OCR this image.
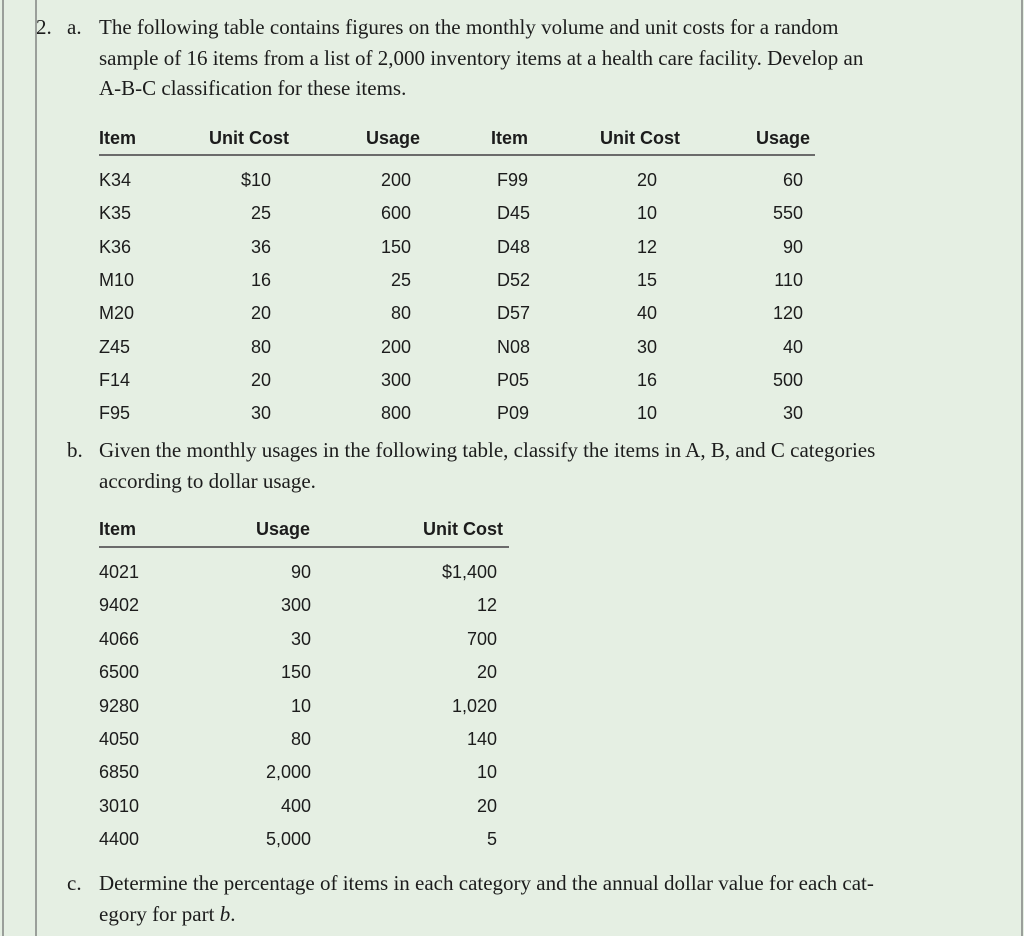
2. a. The following table contains figures on the monthly volume and unit costs for a random
sample of 16 items from a list of 2,000 inventory items at a health care facility. Develop an
A-B-C classification for these items.
Item	Unit Cost	Usage	Item	Unit Cost	Usage
K34	$10	200	F99	20	60
K35	25	600	D45	10	550
K36	36	150	D48	12	90
M10	16	25	D52	15	110
M20	20	80	D57	40	120
Z45	80	200	N08	30	40
F14	20	300	P05	16	500
F95	30	800	P09	10	30
b. Given the monthly usages in the following table, classify the items in A, B, and C categories
according to dollar usage.
Item	Usage	Unit Cost
4021	90	$1,400
9402	300	12
4066	30	700
6500	150	20
9280	10	1,020
4050	80	140
6850	2,000	10
3010	400	20
4400	5,000	5
c. Determine the percentage of items in each category and the annual dollar value for each cat-
egory for part b.
